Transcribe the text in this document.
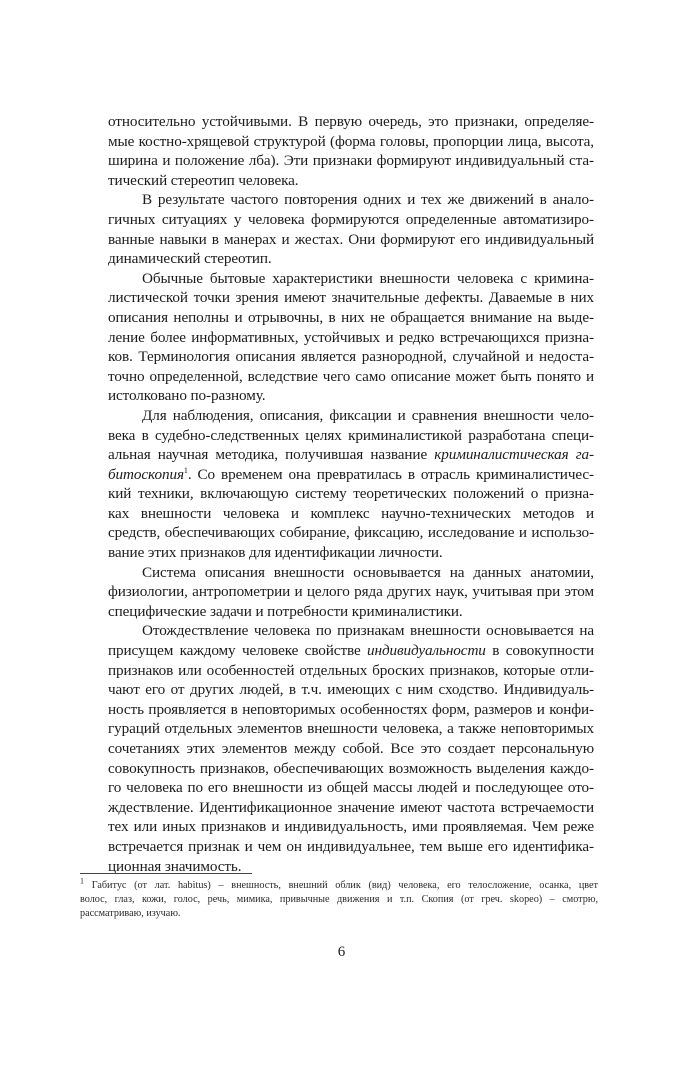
относительно устойчивыми. В первую очередь, это признаки, определяе-
мые костно-хрящевой структурой (форма головы, пропорции лица, высота,
ширина и положение лба). Эти признаки формируют индивидуальный ста-
тический стереотип человека.
В результате частого повторения одних и тех же движений в анало-
гичных ситуациях у человека формируются определенные автоматизиро-
ванные навыки в манерах и жестах. Они формируют его индивидуальный
динамический стереотип.
Обычные бытовые характеристики внешности человека с кримина-
листической точки зрения имеют значительные дефекты. Даваемые в них
описания неполны и отрывочны, в них не обращается внимание на выде-
ление более информативных, устойчивых и редко встречающихся призна-
ков. Терминология описания является разнородной, случайной и недоста-
точно определенной, вследствие чего само описание может быть понято и
истолковано по-разному.
Для наблюдения, описания, фиксации и сравнения внешности чело-
века в судебно-следственных целях криминалистикой разработана специ-
альная научная методика, получившая название криминалистическая га-
битоскопия$^1$. Со временем она превратилась в отрасль криминалистичес-
кий техники, включающую систему теоретических положений о призна-
ках внешности человека и комплекс научно-технических методов и
средств, обеспечивающих собирание, фиксацию, исследование и использо-
вание этих признаков для идентификации личности.
Система описания внешности основывается на данных анатомии,
физиологии, антропометрии и целого ряда других наук, учитывая при этом
специфические задачи и потребности криминалистики.
Отождествление человека по признакам внешности основывается на
присущем каждому человеке свойстве индивидуальности в совокупности
признаков или особенностей отдельных броских признаков, которые отли-
чают его от других людей, в т.ч. имеющих с ним сходство. Индивидуаль-
ность проявляется в неповторимых особенностях форм, размеров и конфи-
гураций отдельных элементов внешности человека, а также неповторимых
сочетаниях этих элементов между собой. Все это создает персональную
совокупность признаков, обеспечивающих возможность выделения каждо-
го человека по его внешности из общей массы людей и последующее ото-
ждествление. Идентификационное значение имеют частота встречаемости
тех или иных признаков и индивидуальность, ими проявляемая. Чем реже
встречается признак и чем он индивидуальнее, тем выше его идентифика-
ционная значимость.
$^1$ Габитус (от лат. habitus) – внешность, внешний облик (вид) человека, его телосложение, осанка, цвет
волос, глаз, кожи, голос, речь, мимика, привычные движения и т.п. Скопия (от греч. skopeo) – смотрю,
рассматриваю, изучаю.
6
